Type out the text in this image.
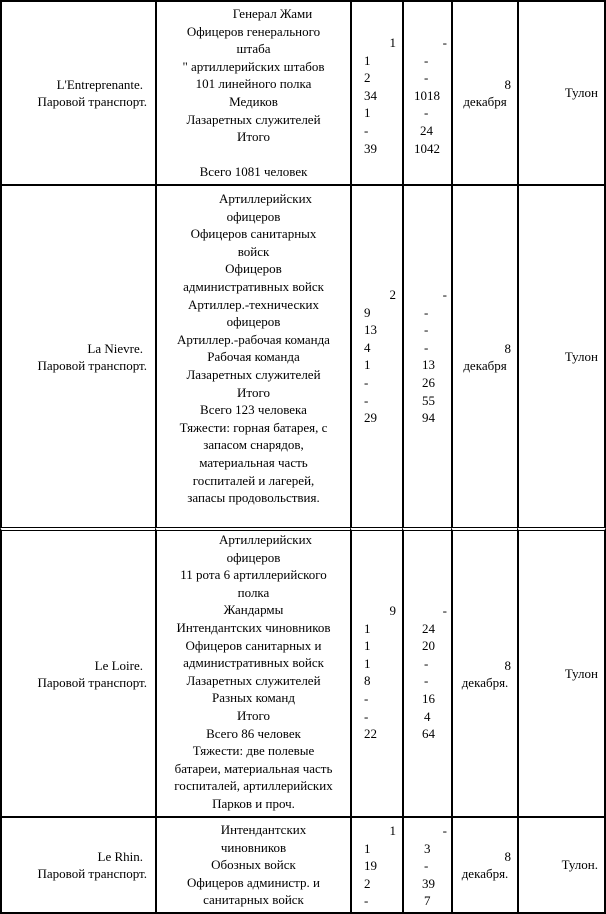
L'Entreprenante.
Паровой транспорт.
Генерал Жами
Офицеров генерального
штаба
" артиллерийских штабов
101 линейного полка
Медиков
Лазаретных служителей
Итого
Всего 1081 человек
1
1
2
34
1
-
39
-
-
-
1018
-
24
1042
8
декабря
Тулон
La Nievre.
Паровой транспорт.
Артиллерийских
офицеров
Офицеров санитарных
войск
Офицеров
административных войск
Артиллер.-технических
офицеров
Артиллер.-рабочая команда
Рабочая команда
Лазаретных служителей
Итого
Всего 123 человека
Тяжести: горная батарея, с
запасом снарядов,
материальная часть
госпиталей и лагерей,
запасы продовольствия.
2
9
13
4
1
-
-
29
-
-
-
-
13
26
55
94
8
декабря
Тулон
Le Loire.
Паровой транспорт.
Артиллерийских
офицеров
11 рота 6 артиллерийского
полка
Жандармы
Интендантских чиновников
Офицеров санитарных и
административных войск
Лазаретных служителей
Разных команд
Итого
Всего 86 человек
Тяжести: две полевые
батареи, материальная часть
госпиталей, артиллерийских
Парков и проч.
9
1
1
1
8
-
-
22
-
24
20
-
-
16
4
64
8
декабря.
Тулон
Le Rhin.
Паровой транспорт.
Интендантских
чиновников
Обозных войск
Офицеров администр. и
санитарных войск
1
1
19
2
-
-
3
-
39
7
8
декабря.
Тулон.
